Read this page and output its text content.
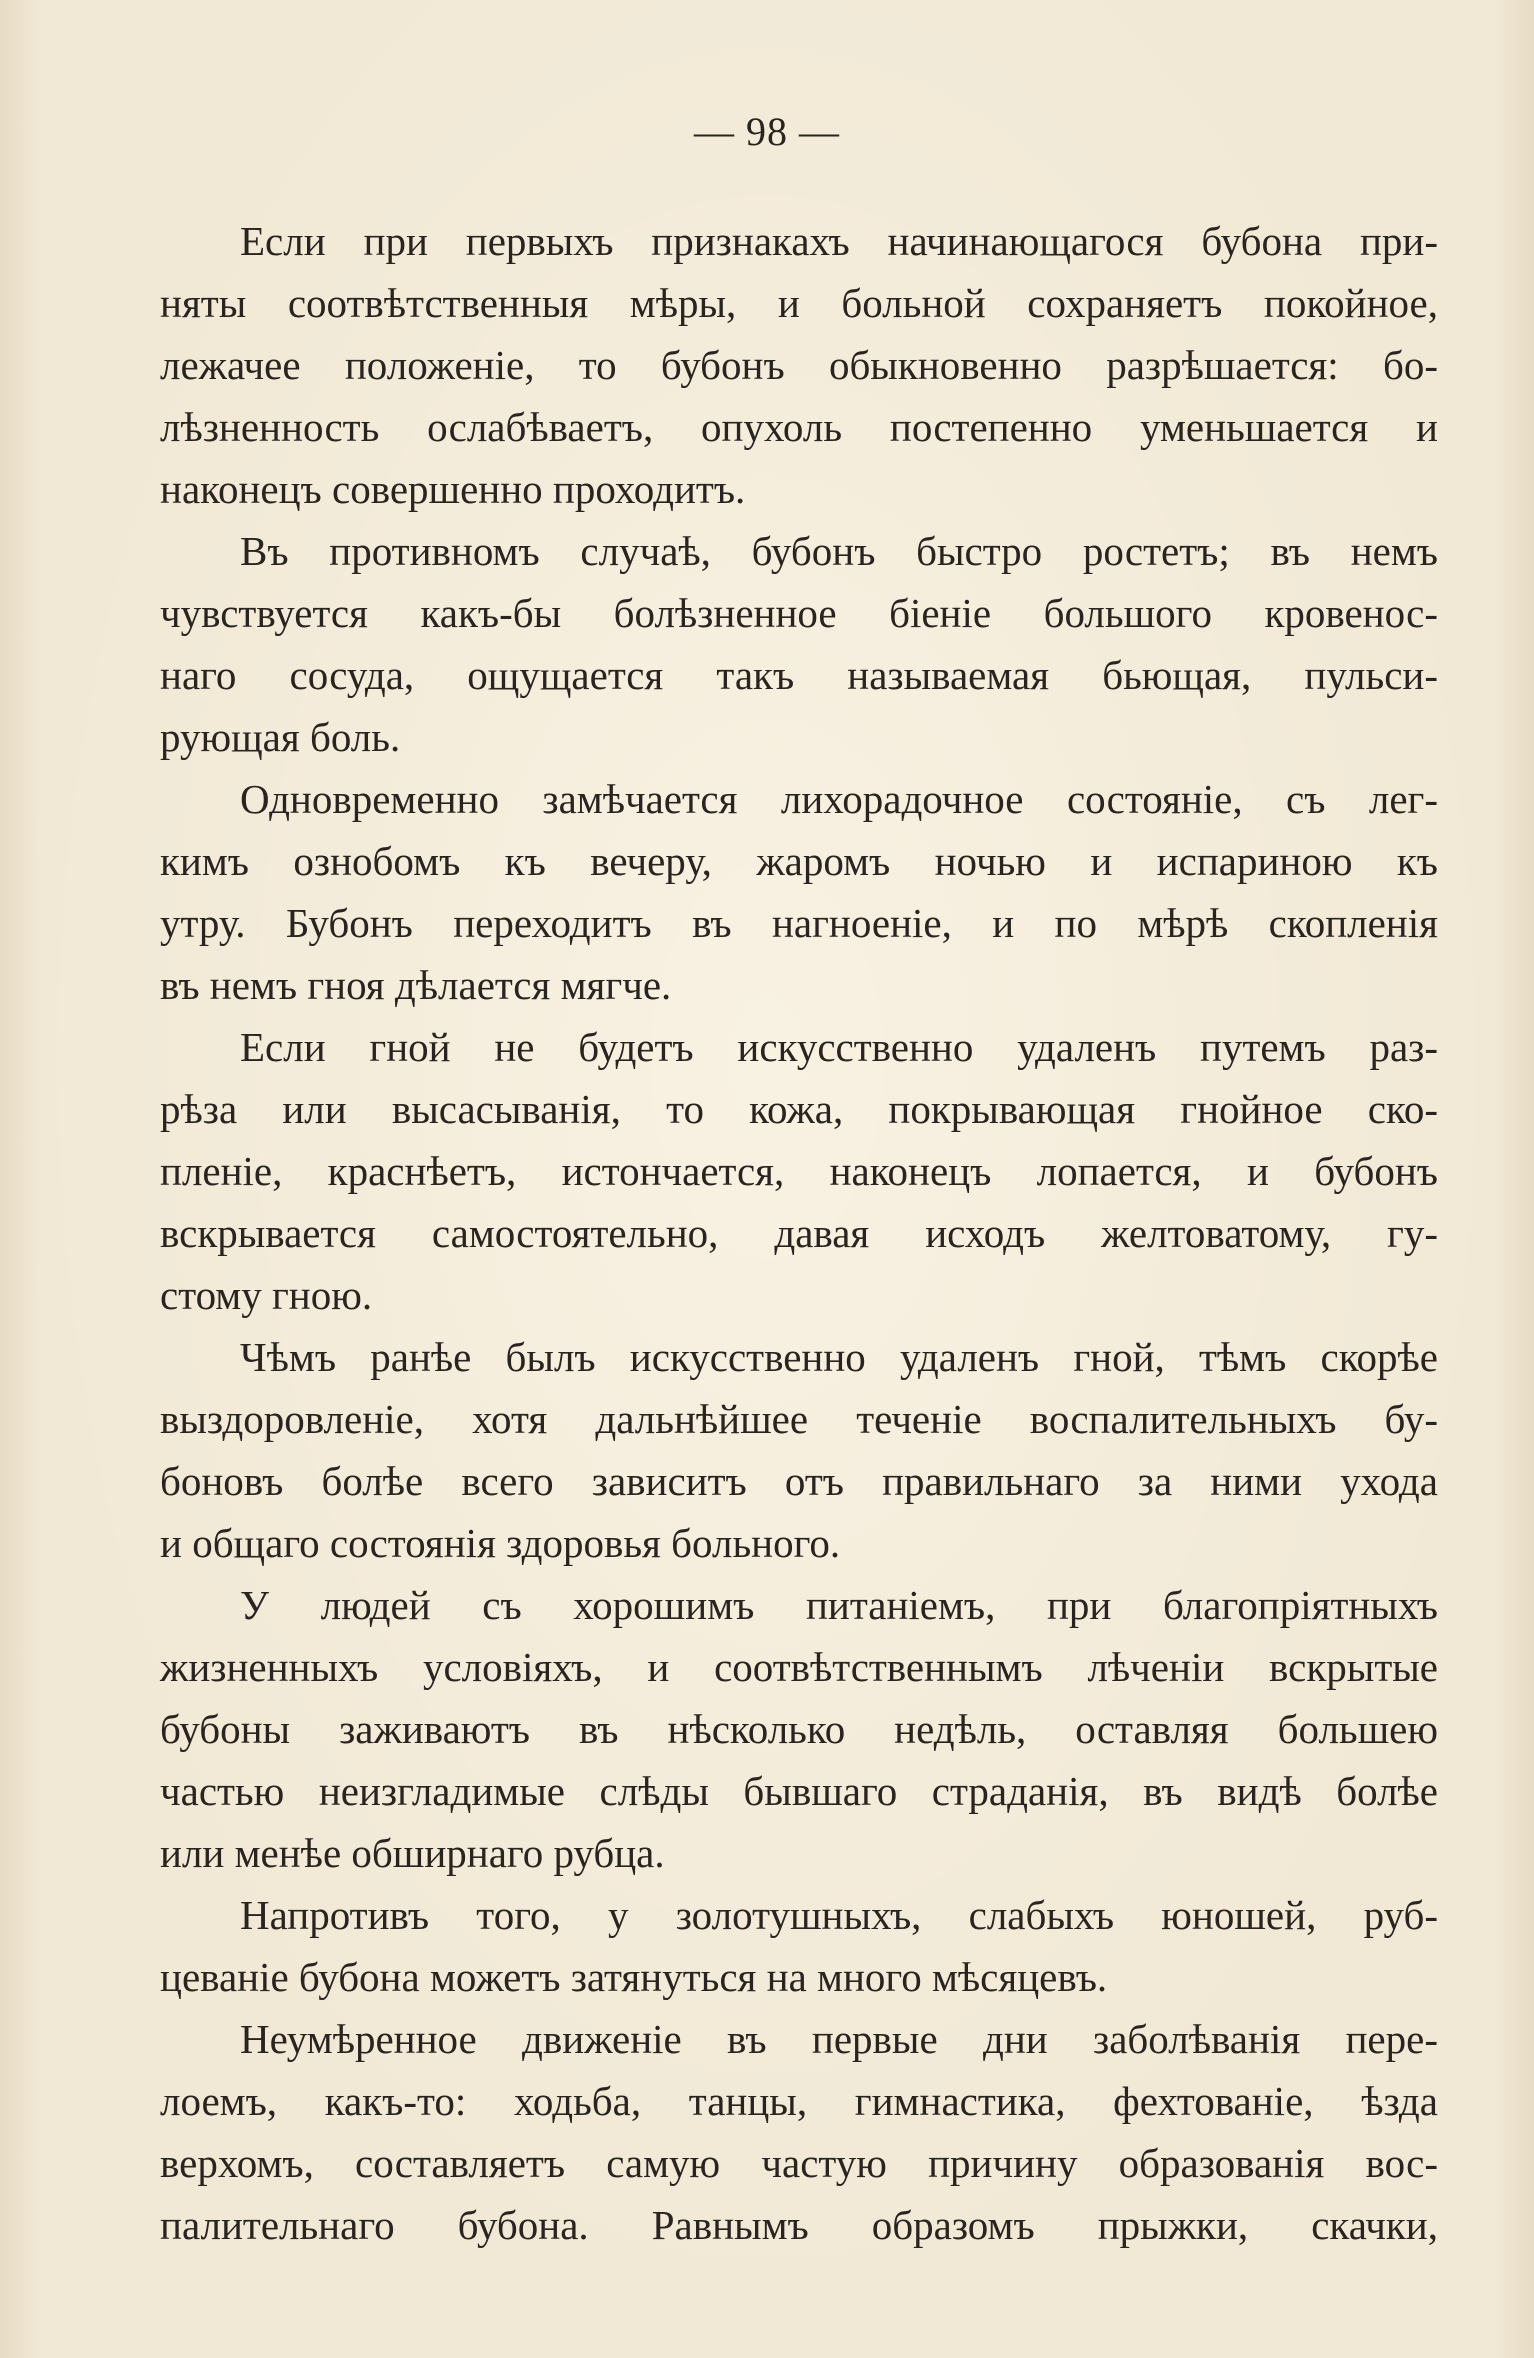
— 98 —

Если при первыхъ признакахъ начинающагося бубона при-
няты соотвѣтственныя мѣры, и больной сохраняетъ покойное,
лежачее положенiе, то бубонъ обыкновенно разрѣшается: бо-
лѣзненность ослабѣваетъ, опухоль постепенно уменьшается и
наконецъ совершенно проходитъ.

Въ противномъ случаѣ, бубонъ быстро ростетъ; въ немъ
чувствуется какъ-бы болѣзненное бiенiе большого кровенос-
наго сосуда, ощущается такъ называемая бьющая, пульси-
рующая боль.

Одновременно замѣчается лихорадочное состоянiе, съ лег-
кимъ ознобомъ къ вечеру, жаромъ ночью и испариною къ
утру. Бубонъ переходитъ въ нагноенiе, и по мѣрѣ скопленiя
въ немъ гноя дѣлается мягче.

Если гной не будетъ искусственно удаленъ путемъ раз-
рѣза или высасыванiя, то кожа, покрывающая гнойное ско-
пленiе, краснѣетъ, истончается, наконецъ лопается, и бубонъ
вскрывается самостоятельно, давая исходъ желтоватому, гу-
стому гною.

Чѣмъ ранѣе былъ искусственно удаленъ гной, тѣмъ скорѣе
выздоровленiе, хотя дальнѣйшее теченiе воспалительныхъ бу-
боновъ болѣе всего зависитъ отъ правильнаго за ними ухода
и общаго состоянiя здоровья больного.

У людей съ хорошимъ питанiемъ, при благопрiятныхъ
жизненныхъ условiяхъ, и соотвѣтственнымъ лѣченiи вскрытые
бубоны заживаютъ въ нѣсколько недѣль, оставляя большею
частью неизгладимые слѣды бывшаго страданiя, въ видѣ болѣе
или менѣе обширнаго рубца.

Напротивъ того, у золотушныхъ, слабыхъ юношей, руб-
цеванiе бубона можетъ затянуться на много мѣсяцевъ.

Неумѣренное движенiе въ первые дни заболѣванiя пере-
лоемъ, какъ-то: ходьба, танцы, гимнастика, фехтованiе, ѣзда
верхомъ, составляетъ самую частую причину образованiя вос-
палительнаго бубона. Равнымъ образомъ прыжки, скачки,
